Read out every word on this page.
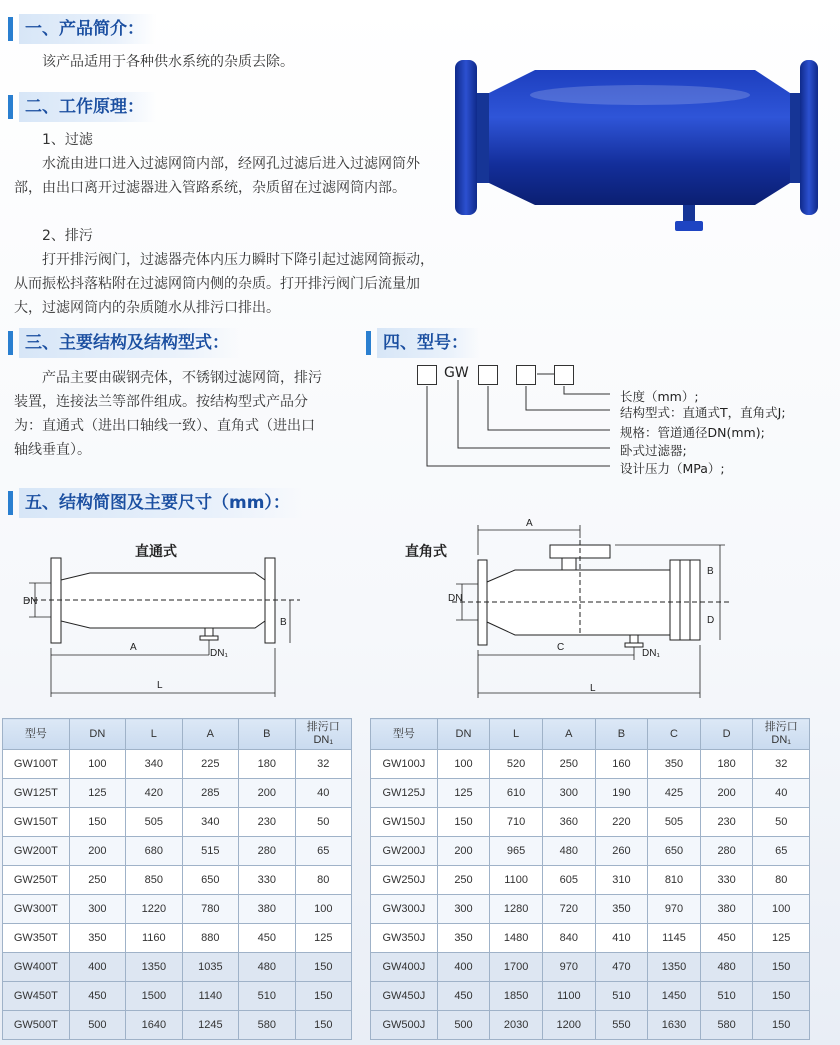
一、产品简介：
该产品适用于各种供水系统的杂质去除。
二、工作原理：
1、过滤
水流由进口进入过滤网筒内部，经网孔过滤后进入过滤网筒外部，由出口离开过滤器进入管路系统，杂质留在过滤网筒内部。
2、排污
打开排污阀门，过滤器壳体内压力瞬时下降引起过滤网筒振动，从而振松抖落粘附在过滤网筒内侧的杂质。打开排污阀门后流量加大，过滤网筒内的杂质随水从排污口排出。
三、主要结构及结构型式：
产品主要由碳钢壳体，不锈钢过滤网筒，排污装置，连接法兰等部件组成。按结构型式产品分为：直通式（进出口轴线一致）、直角式（进出口轴线垂直）。
四、型号：
GW
长度（mm）;
结构型式：直通式T，直角式J;
规格：管道通径DN(mm);
卧式过滤器;
设计压力（MPa）;
五、结构简图及主要尺寸（mm）：
直通式
DN
B
A
DN₁
L
直角式
A
DN
B
D
C
DN₁
L
型号	DN	L	A	B	排污口
DN₁
GW100T	100	340	225	180	32
GW125T	125	420	285	200	40
GW150T	150	505	340	230	50
GW200T	200	680	515	280	65
GW250T	250	850	650	330	80
GW300T	300	1220	780	380	100
GW350T	350	1160	880	450	125
GW400T	400	1350	1035	480	150
GW450T	450	1500	1140	510	150
GW500T	500	1640	1245	580	150
型号	DN	L	A	B	C	D	排污口
DN₁
GW100J	100	520	250	160	350	180	32
GW125J	125	610	300	190	425	200	40
GW150J	150	710	360	220	505	230	50
GW200J	200	965	480	260	650	280	65
GW250J	250	1100	605	310	810	330	80
GW300J	300	1280	720	350	970	380	100
GW350J	350	1480	840	410	1145	450	125
GW400J	400	1700	970	470	1350	480	150
GW450J	450	1850	1100	510	1450	510	150
GW500J	500	2030	1200	550	1630	580	150
